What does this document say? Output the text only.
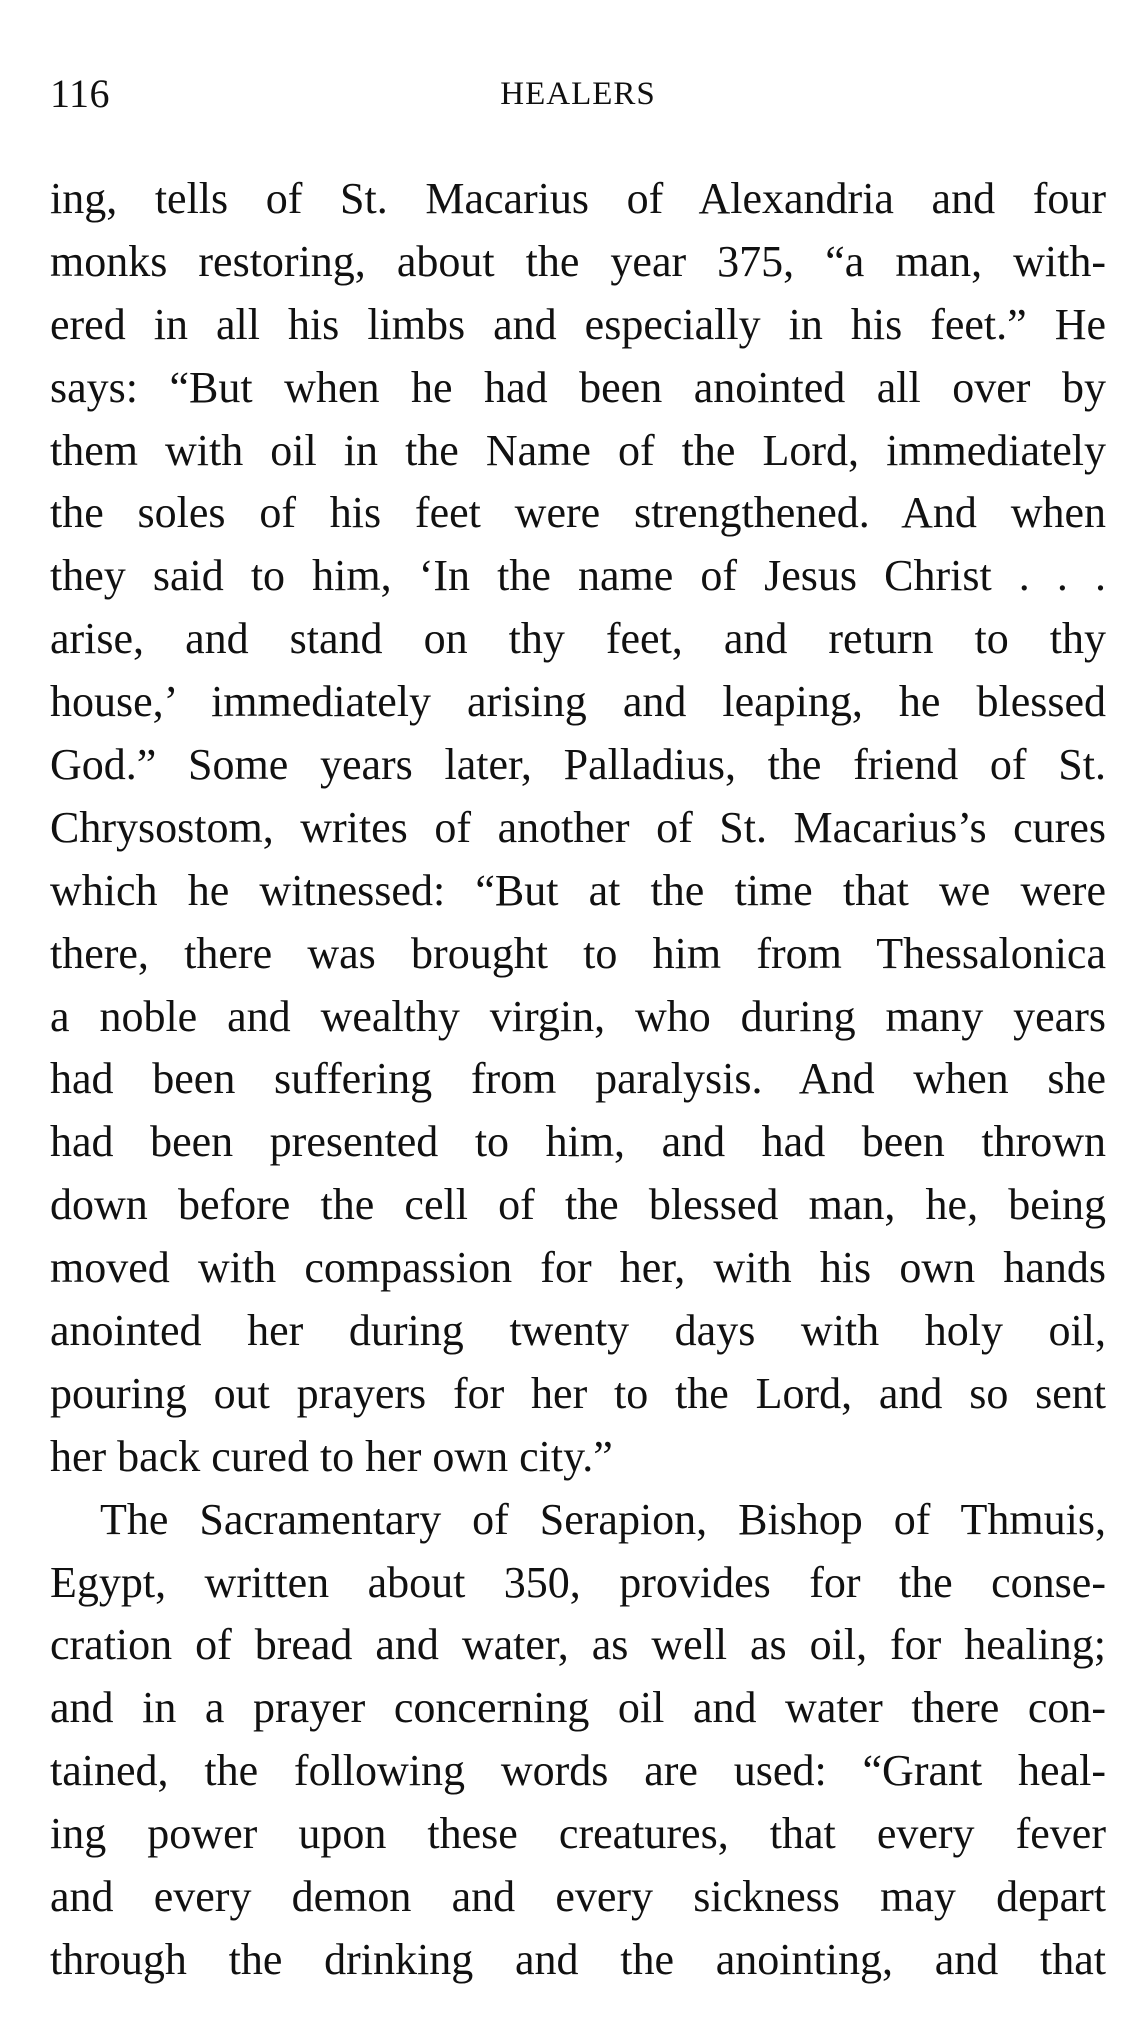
116	HEALERS
ing, tells of St. Macarius of Alexandria and four
monks restoring, about the year 375, “a man, with-
ered in all his limbs and especially in his feet.” He
says: “But when he had been anointed all over by
them with oil in the Name of the Lord, immediately
the soles of his feet were strengthened. And when
they said to him, ‘In the name of Jesus Christ . . .
arise, and stand on thy feet, and return to thy
house,’ immediately arising and leaping, he blessed
God.” Some years later, Palladius, the friend of St.
Chrysostom, writes of another of St. Macarius’s cures
which he witnessed: “But at the time that we were
there, there was brought to him from Thessalonica
a noble and wealthy virgin, who during many years
had been suffering from paralysis. And when she
had been presented to him, and had been thrown
down before the cell of the blessed man, he, being
moved with compassion for her, with his own hands
anointed her during twenty days with holy oil,
pouring out prayers for her to the Lord, and so sent
her back cured to her own city.”
The Sacramentary of Serapion, Bishop of Thmuis,
Egypt, written about 350, provides for the conse-
cration of bread and water, as well as oil, for healing;
and in a prayer concerning oil and water there con-
tained, the following words are used: “Grant heal-
ing power upon these creatures, that every fever
and every demon and every sickness may depart
through the drinking and the anointing, and that
